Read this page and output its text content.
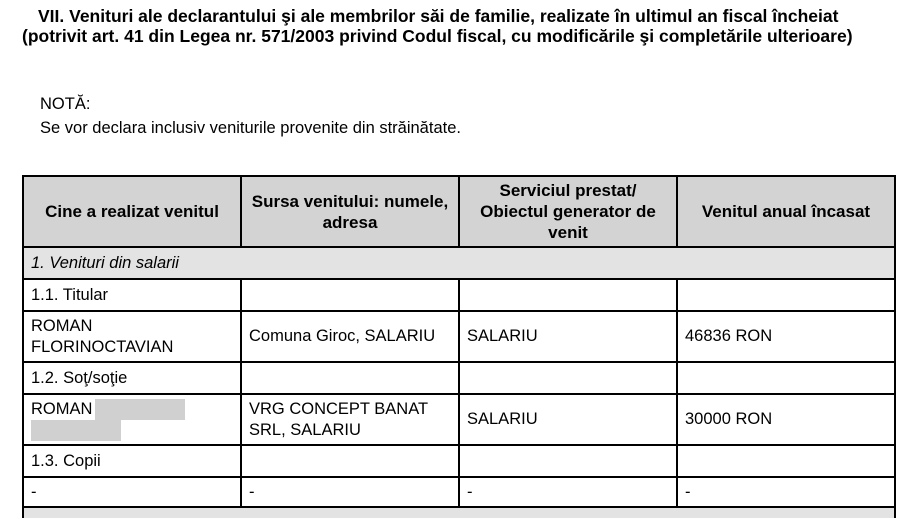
VII. Venituri ale declarantului şi ale membrilor săi de familie, realizate în ultimul an fiscal încheiat
(potrivit art. 41 din Legea nr. 571/2003 privind Codul fiscal, cu modificările şi completările ulterioare)
NOTĂ:
Se vor declara inclusiv veniturile provenite din străinătate.
Cine a realizat venitul	Sursa venitului: numele, adresa	Serviciul prestat/ Obiectul generator de venit	Venitul anual încasat
1. Venituri din salarii			
1.1. Titular			
ROMAN FLORINOCTAVIAN	Comuna Giroc, SALARIU	SALARIU	46836 RON
1.2. Soţ/soţie			
ROMAN	VRG CONCEPT BANAT SRL, SALARIU	SALARIU	30000 RON
1.3. Copii			
-	-	-	-
